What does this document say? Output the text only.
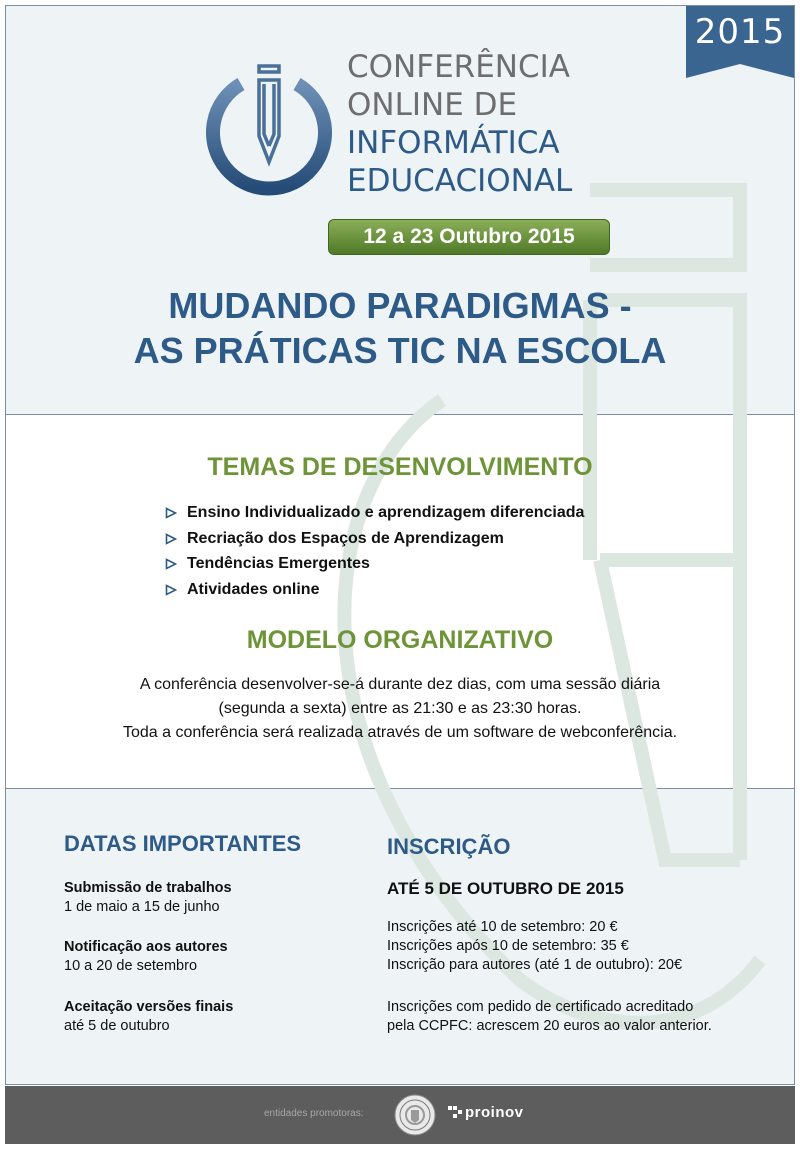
2015
CONFERÊNCIA
ONLINE DE
INFORMÁTICA
EDUCACIONAL
12 a 23 Outubro 2015
MUDANDO PARADIGMAS -
AS PRÁTICAS TIC NA ESCOLA
TEMAS DE DESENVOLVIMENTO
Ensino Individualizado e aprendizagem diferenciada
Recriação dos Espaços de Aprendizagem
Tendências Emergentes
Atividades online
MODELO ORGANIZATIVO
A conferência desenvolver-se-á durante dez dias, com uma sessão diária
(segunda a sexta) entre as 21:30 e as 23:30 horas.
Toda a conferência será realizada através de um software de webconferência.
DATAS IMPORTANTES
Submissão de trabalhos
1 de maio a 15 de junho
Notificação aos autores
10 a 20 de setembro
Aceitação versões finais
até 5 de outubro
INSCRIÇÃO
ATÉ 5 DE OUTUBRO DE 2015
Inscrições até 10 de setembro: 20 €
Inscrições após 10 de setembro: 35 €
Inscrição para autores (até 1 de outubro): 20€
Inscrições com pedido de certificado acreditado
pela CCPFC: acrescem 20 euros ao valor anterior.
entidades promotoras:	proinov
